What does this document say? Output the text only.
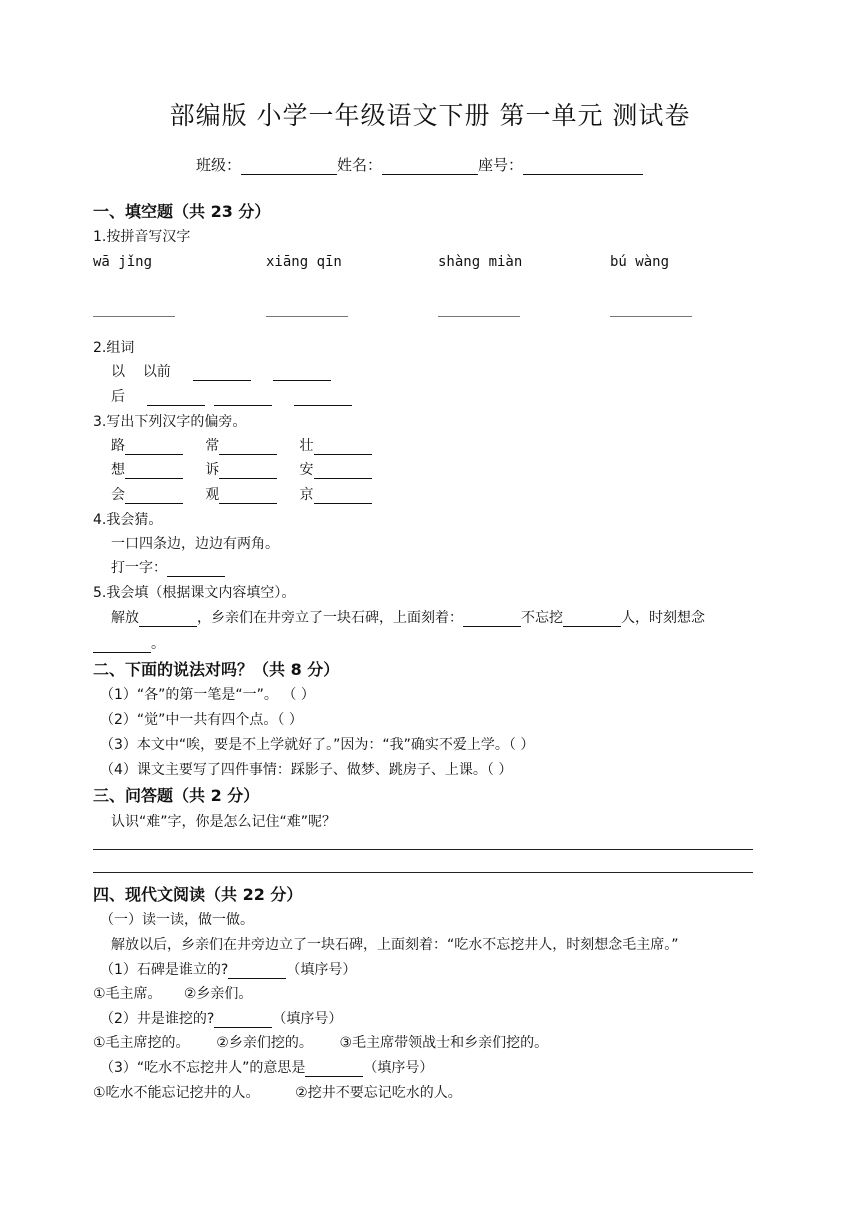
部编版 小学一年级语文下册 第一单元 测试卷
班级：	姓名：	座号：
一、填空题（共 23 分）
1.按拼音写汉字
wā jǐng	xiāng qīn	shàng miàn	bú wàng
2.组词
以 以前
后
3.写出下列汉字的偏旁。
路	常	壮
想	诉	安
会	观	京
4.我会猜。
一口四条边，边边有两角。
打一字：
5.我会填（根据课文内容填空）。
解放	，乡亲们在井旁立了一块石碑，上面刻着：	不忘挖	人，时刻想念
。
二、下面的说法对吗？（共 8 分）
（1）“各”的第一笔是“一”。 （ ）
（2）“觉”中一共有四个点。（ ）
（3）本文中“唉，要是不上学就好了。”因为：“我”确实不爱上学。（ ）
（4）课文主要写了四件事情：踩影子、做梦、跳房子、上课。（ ）
三、问答题（共 2 分）
认识“难”字，你是怎么记住“难”呢？
四、现代文阅读（共 22 分）
（一）读一读，做一做。
解放以后，乡亲们在井旁边立了一块石碑，上面刻着：“吃水不忘挖井人，时刻想念毛主席。”
（1）石碑是谁立的?	（填序号）
①毛主席。 ②乡亲们。
（2）井是谁挖的?	（填序号）
①毛主席挖的。 ②乡亲们挖的。 ③毛主席带领战士和乡亲们挖的。
（3）“吃水不忘挖井人”的意思是	（填序号）
①吃水不能忘记挖井的人。	②挖井不要忘记吃水的人。
